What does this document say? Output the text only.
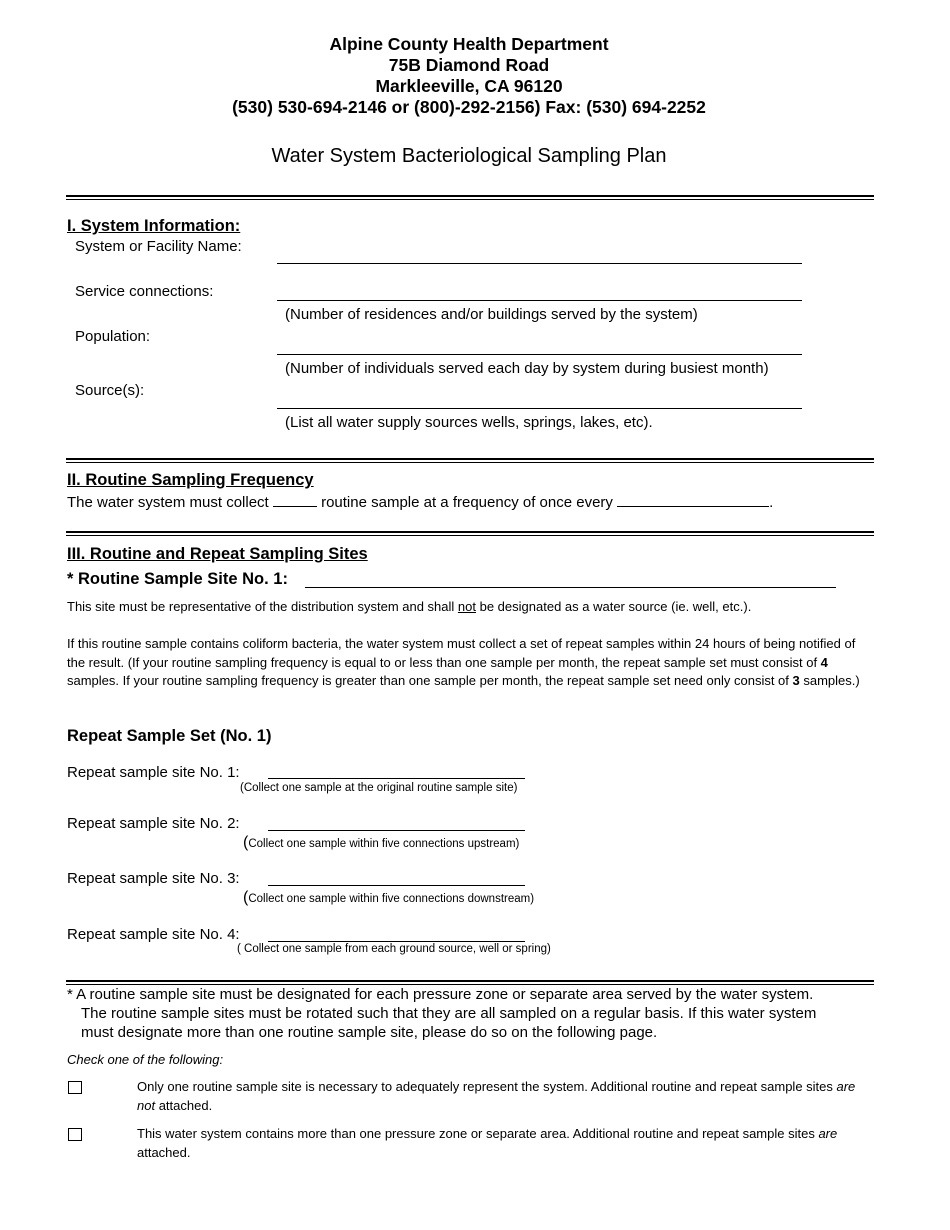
Alpine County Health Department
75B Diamond Road
Markleeville, CA 96120
(530) 530-694-2146 or (800)-292-2156) Fax: (530) 694-2252
Water System Bacteriological Sampling Plan
I. System Information:
System or Facility Name:
Service connections:
(Number of residences and/or buildings served by the system)
Population:
(Number of individuals served each day by system during busiest month)
Source(s):
(List all water supply sources wells, springs, lakes, etc).
II. Routine Sampling Frequency
The water system must collect	routine sample at a frequency of once every	.
III. Routine and Repeat Sampling Sites
* Routine Sample Site No. 1:
This site must be representative of the distribution system and shall not be designated as a water source (ie. well, etc.).
If this routine sample contains coliform bacteria, the water system must collect a set of repeat samples within 24 hours of being notified of the result. (If your routine sampling frequency is equal to or less than one sample per month, the repeat sample set must consist of 4 samples. If your routine sampling frequency is greater than one sample per month, the repeat sample set need only consist of 3 samples.)
Repeat Sample Set (No. 1)
Repeat sample site No. 1:
(Collect one sample at the original routine sample site)
Repeat sample site No. 2:
(Collect one sample within five connections upstream)
Repeat sample site No. 3:
(Collect one sample within five connections downstream)
Repeat sample site No. 4:
( Collect one sample from each ground source, well or spring)
* A routine sample site must be designated for each pressure zone or separate area served by the water system.
The routine sample sites must be rotated such that they are all sampled on a regular basis. If this water system
must designate more than one routine sample site, please do so on the following page.
Check one of the following:
Only one routine sample site is necessary to adequately represent the system. Additional routine and repeat sample sites are not attached.
This water system contains more than one pressure zone or separate area. Additional routine and repeat sample sites are attached.
